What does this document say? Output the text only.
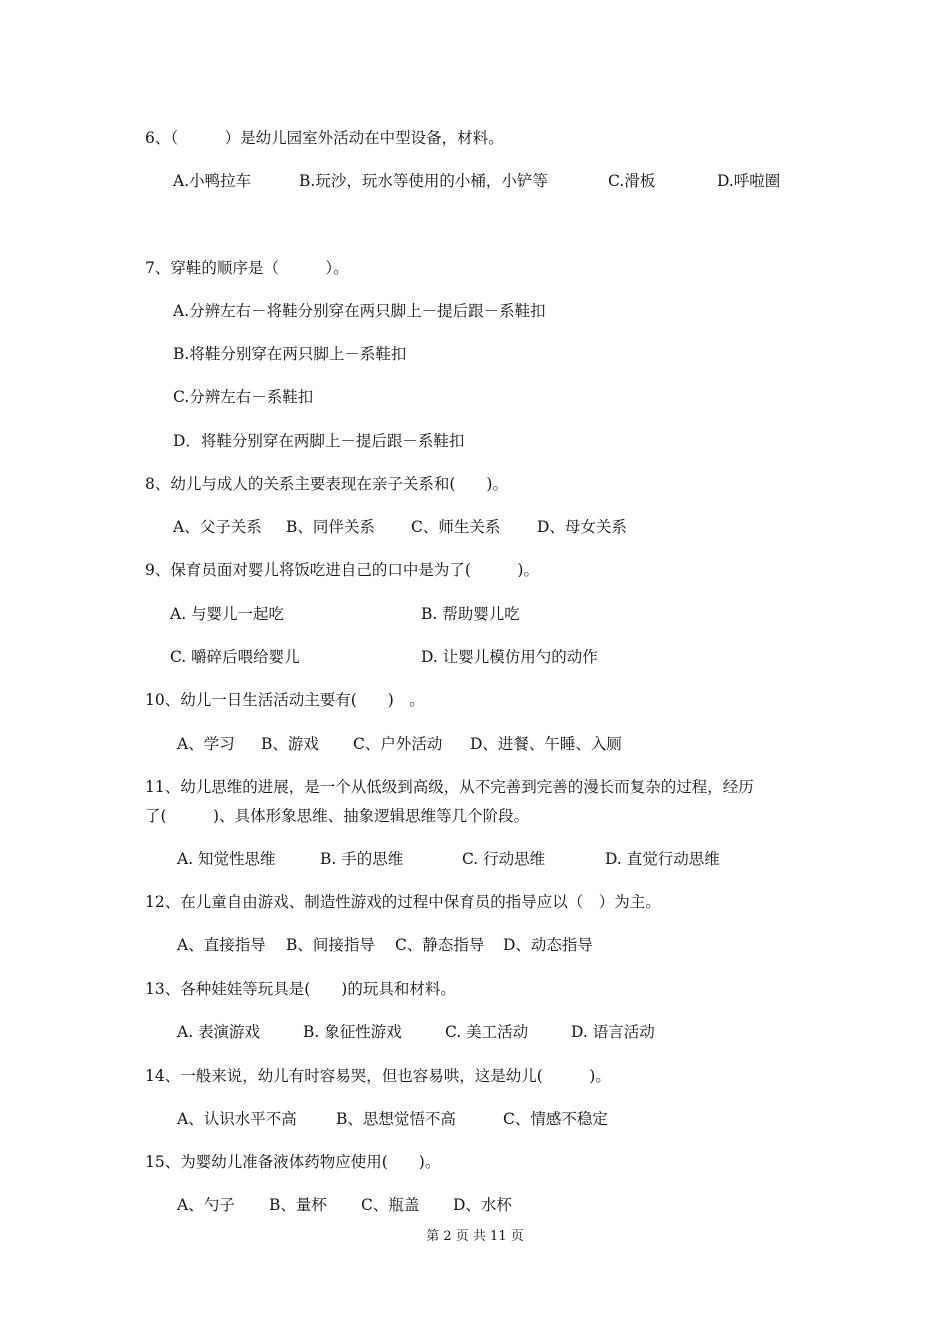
6、（　　　）是幼儿园室外活动在中型设备，材料。
A.小鸭拉车	B.玩沙，玩水等使用的小桶，小铲等	C.滑板	D.呼啦圈
7、穿鞋的顺序是（　　　）。
A.分辨左右－将鞋分别穿在两只脚上－提后跟－系鞋扣
B.将鞋分别穿在两只脚上－系鞋扣
C.分辨左右－系鞋扣
D．将鞋分别穿在两脚上－提后跟－系鞋扣
8、幼儿与成人的关系主要表现在亲子关系和(　　)。
A、父子关系 B、同伴关系 C、师生关系 D、母女关系
9、保育员面对婴儿将饭吃进自己的口中是为了(　　　)。
A. 与婴儿一起吃	B. 帮助婴儿吃
C. 嚼碎后喂给婴儿	D. 让婴儿模仿用勺的动作
10、幼儿一日生活活动主要有(　　)　。
A、学习 B、游戏 C、户外活动 D、进餐、午睡、入厕
11、幼儿思维的进展，是一个从低级到高级，从不完善到完善的漫长而复杂的过程，经历
了(　　　)、具体形象思维、抽象逻辑思维等几个阶段。
A. 知觉性思维	B. 手的思维	C. 行动思维	D. 直觉行动思维
12、在儿童自由游戏、制造性游戏的过程中保育员的指导应以（　）为主。
A、直接指导 B、间接指导 C、静态指导 D、动态指导
13、各种娃娃等玩具是(　　)的玩具和材料。
A. 表演游戏	B. 象征性游戏	C. 美工活动	D. 语言活动
14、一般来说，幼儿有时容易哭，但也容易哄，这是幼儿(　　　)。
A、认识水平不高	B、思想觉悟不高	C、情感不稳定
15、为婴幼儿准备液体药物应使用(　　)。
A、勺子 B、量杯 C、瓶盖 D、水杯
第 2 页 共 11 页
